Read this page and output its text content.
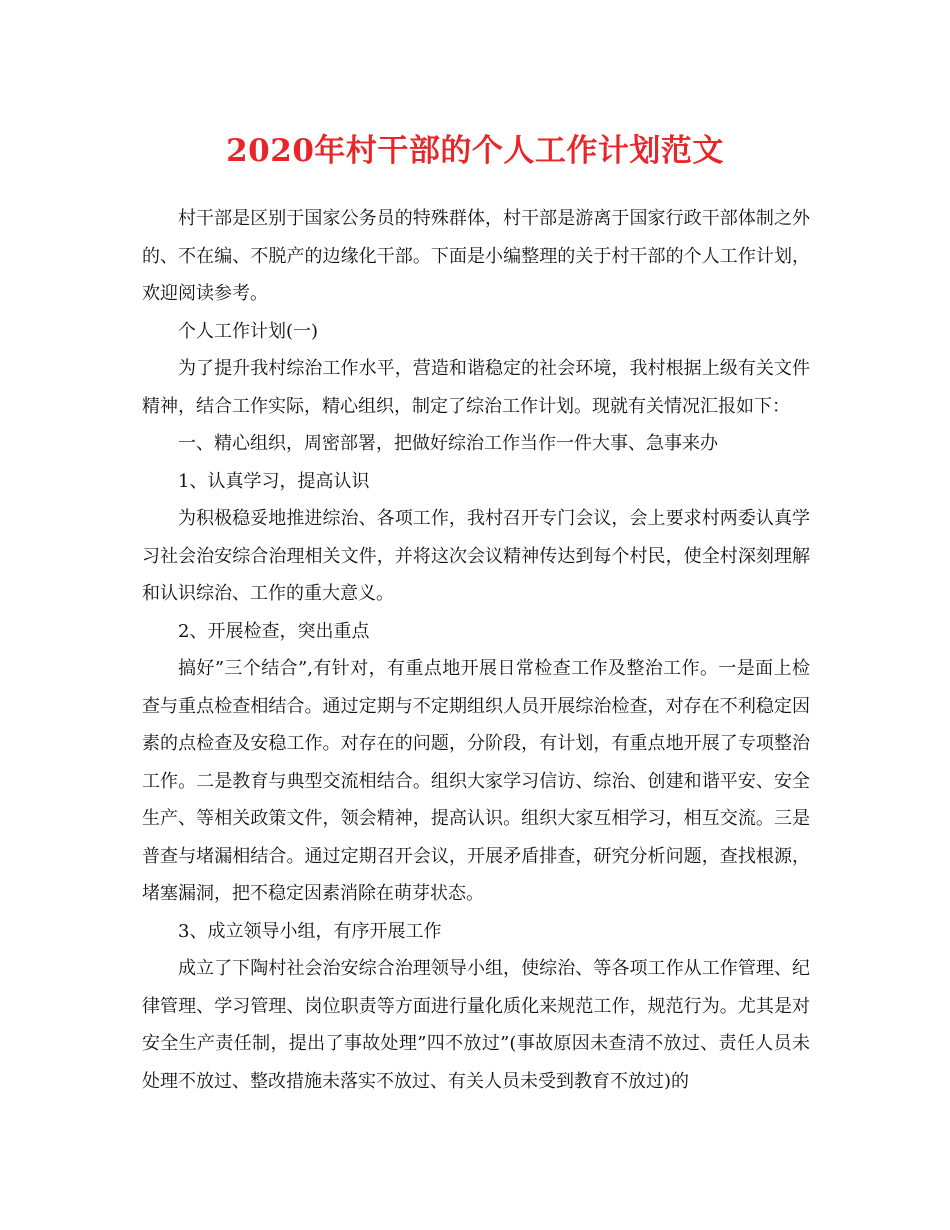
2020年村干部的个人工作计划范文

村干部是区别于国家公务员的特殊群体，村干部是游离于国家行政干部体制之外的、不在编、不脱产的边缘化干部。下面是小编整理的关于村干部的个人工作计划，欢迎阅读参考。

个人工作计划(一)

为了提升我村综治工作水平，营造和谐稳定的社会环境，我村根据上级有关文件精神，结合工作实际，精心组织，制定了综治工作计划。现就有关情况汇报如下：

一、精心组织，周密部署，把做好综治工作当作一件大事、急事来办

1、认真学习，提高认识

为积极稳妥地推进综治、各项工作，我村召开专门会议，会上要求村两委认真学习社会治安综合治理相关文件，并将这次会议精神传达到每个村民，使全村深刻理解和认识综治、工作的重大意义。

2、开展检查，突出重点

搞好”三个结合”,有针对，有重点地开展日常检查工作及整治工作。一是面上检查与重点检查相结合。通过定期与不定期组织人员开展综治检查，对存在不利稳定因素的点检查及安稳工作。对存在的问题，分阶段，有计划，有重点地开展了专项整治工作。二是教育与典型交流相结合。组织大家学习信访、综治、创建和谐平安、安全生产、等相关政策文件，领会精神，提高认识。组织大家互相学习，相互交流。三是普查与堵漏相结合。通过定期召开会议，开展矛盾排查，研究分析问题，查找根源，堵塞漏洞，把不稳定因素消除在萌芽状态。

3、成立领导小组，有序开展工作

成立了下陶村社会治安综合治理领导小组，使综治、等各项工作从工作管理、纪律管理、学习管理、岗位职责等方面进行量化质化来规范工作，规范行为。尤其是对安全生产责任制，提出了事故处理”四不放过”(事故原因未查清不放过、责任人员未处理不放过、整改措施未落实不放过、有关人员未受到教育不放过)的
